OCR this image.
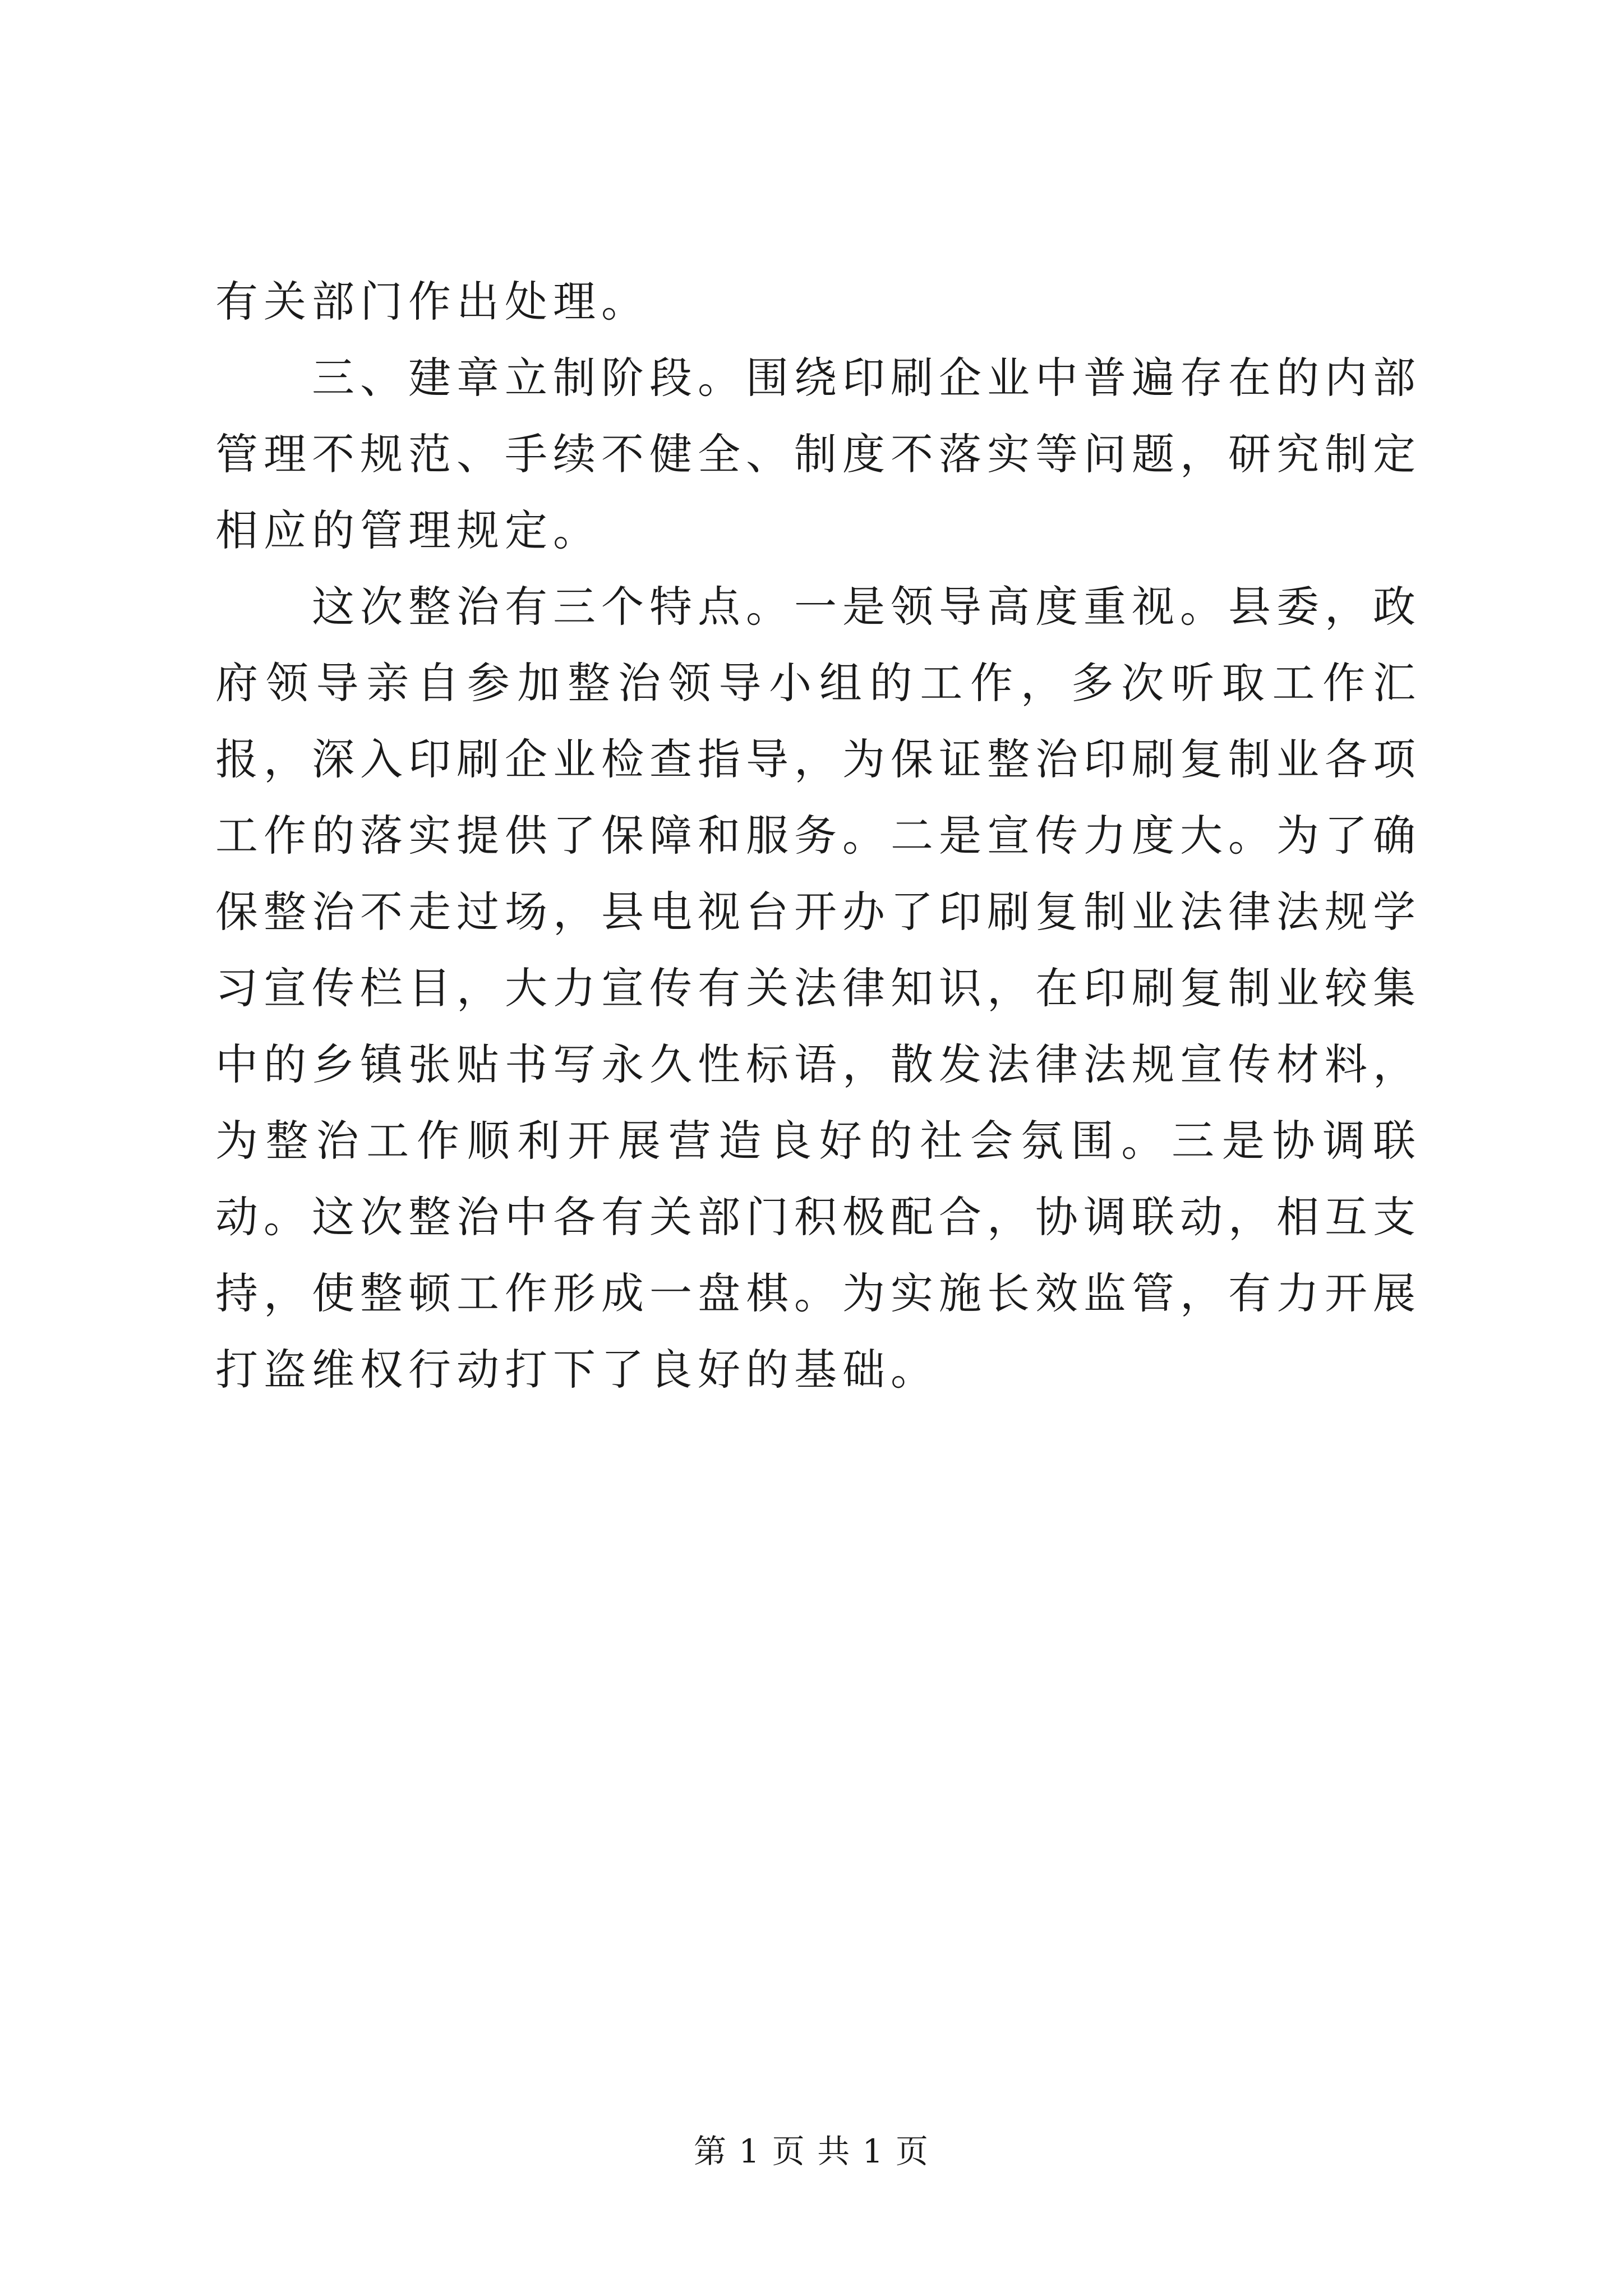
有关部门作出处理。

三、建章立制阶段。围绕印刷企业中普遍存在的内部管理不规范、手续不健全、制度不落实等问题，研究制定相应的管理规定。

这次整治有三个特点。一是领导高度重视。县委，政府领导亲自参加整治领导小组的工作，多次听取工作汇报，深入印刷企业检查指导，为保证整治印刷复制业各项工作的落实提供了保障和服务。二是宣传力度大。为了确保整治不走过场，县电视台开办了印刷复制业法律法规学习宣传栏目，大力宣传有关法律知识，在印刷复制业较集中的乡镇张贴书写永久性标语，散发法律法规宣传材料，为整治工作顺利开展营造良好的社会氛围。三是协调联动。这次整治中各有关部门积极配合，协调联动，相互支持，使整顿工作形成一盘棋。为实施长效监管，有力开展打盗维权行动打下了良好的基础。

第 1 页 共 1 页
